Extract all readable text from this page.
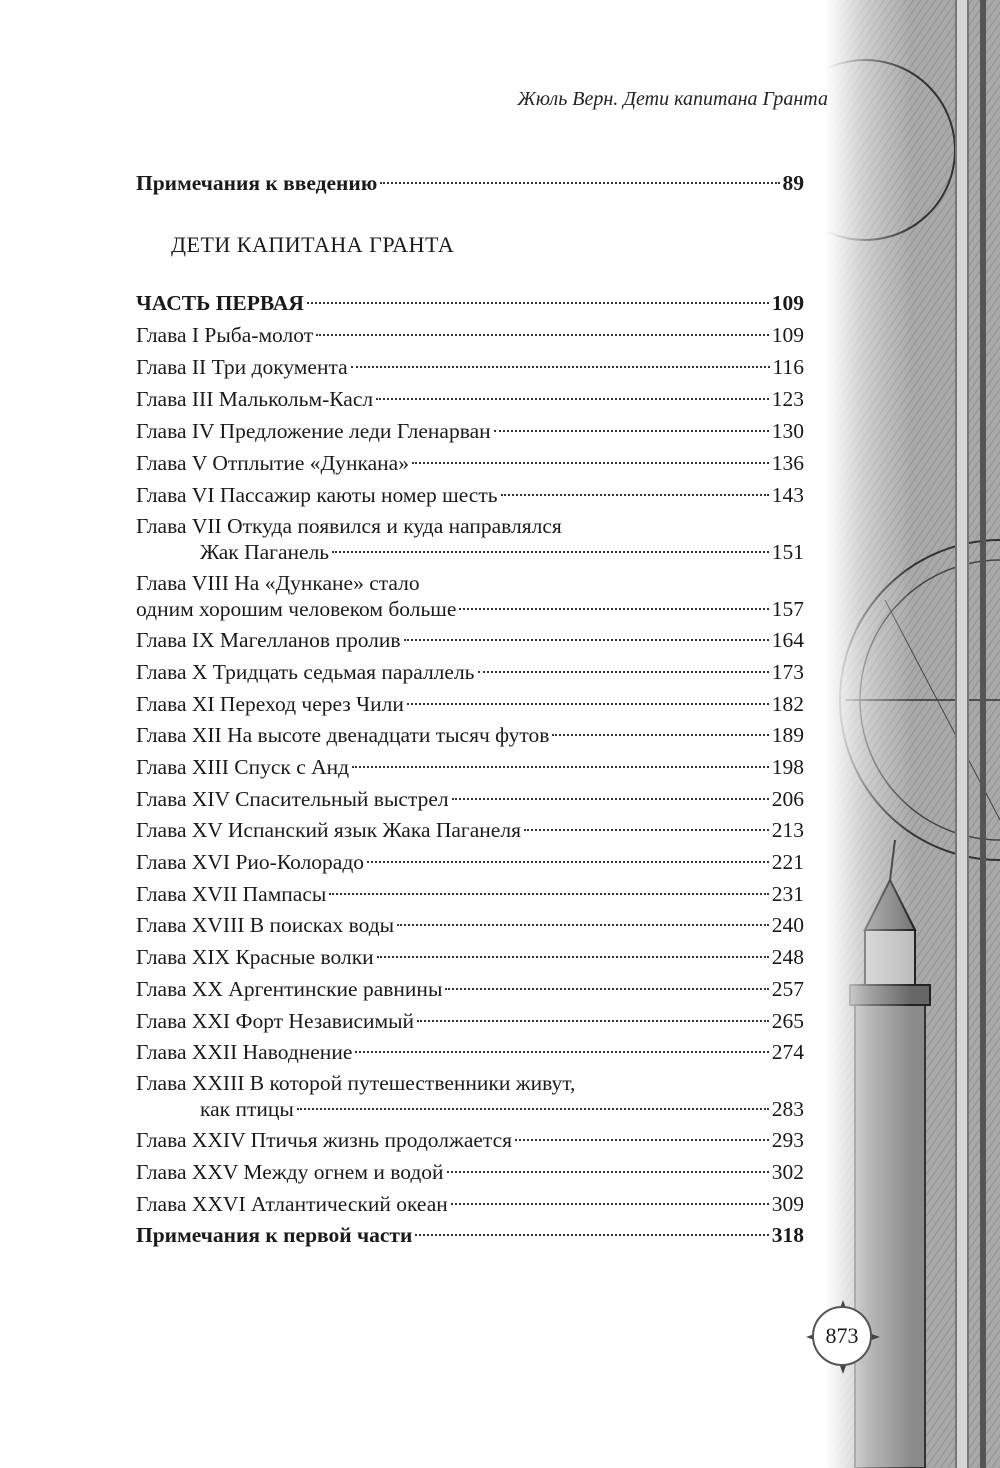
Жюль Верн. Дети капитана Гранта
Примечания к введению	89
ДЕТИ КАПИТАНА ГРАНТА
ЧАСТЬ ПЕРВАЯ	109
Глава I Рыба-молот	109
Глава II Три документа	116
Глава III Малькольм-Касл	123
Глава IV Предложение леди Гленарван	130
Глава V Отплытие «Дункана»	136
Глава VI Пассажир каюты номер шесть	143
Глава VII Откуда появился и куда направлялся
Жак Паганель	151
Глава VIII На «Дункане» стало
одним хорошим человеком больше	157
Глава IX Магелланов пролив	164
Глава X Тридцать седьмая параллель	173
Глава XI Переход через Чили	182
Глава XII На высоте двенадцати тысяч футов	189
Глава XIII Спуск с Анд	198
Глава XIV Спасительный выстрел	206
Глава XV Испанский язык Жака Паганеля	213
Глава XVI Рио-Колорадо	221
Глава XVII Пампасы	231
Глава XVIII В поисках воды	240
Глава XIX Красные волки	248
Глава XX Аргентинские равнины	257
Глава XXI Форт Независимый	265
Глава XXII Наводнение	274
Глава XXIII В которой путешественники живут,
как птицы	283
Глава XXIV Птичья жизнь продолжается	293
Глава XXV Между огнем и водой	302
Глава XXVI Атлантический океан	309
Примечания к первой части	318
873
